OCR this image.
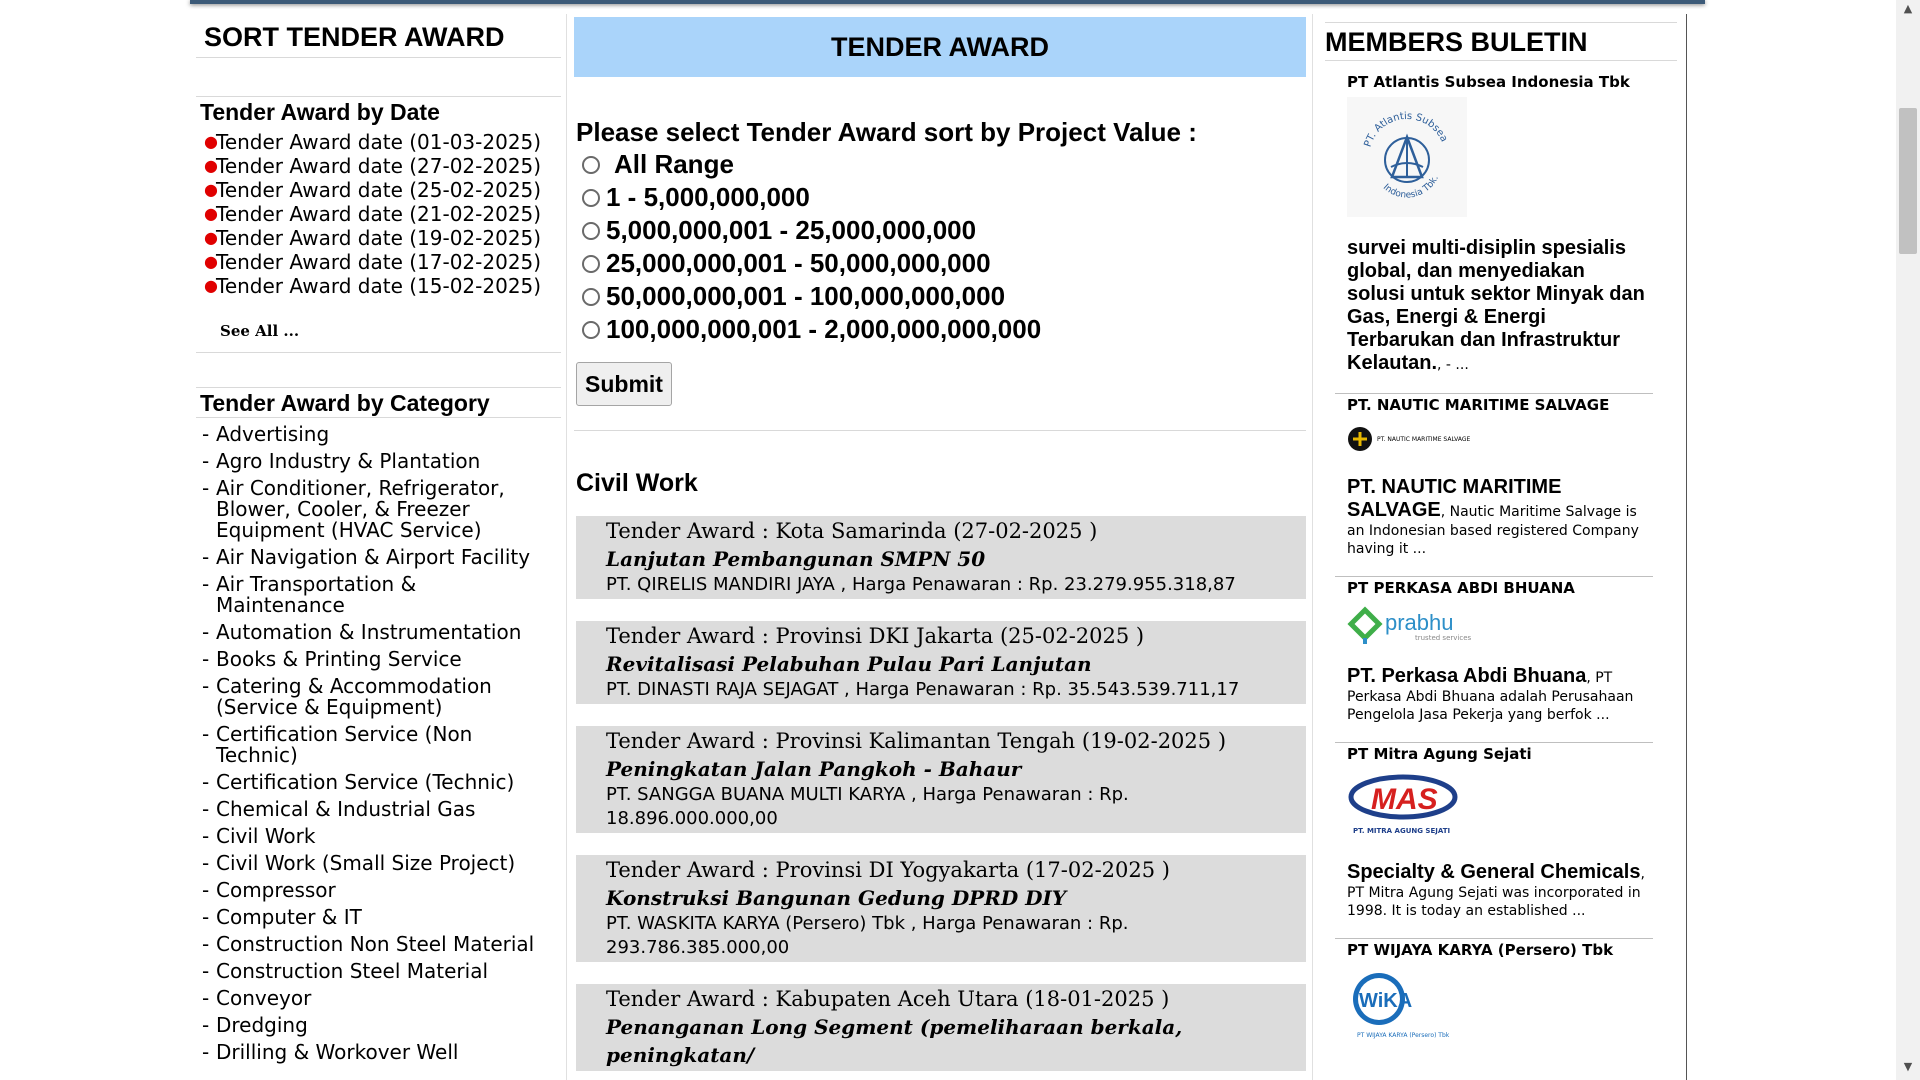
SORT TENDER AWARD
Tender Award by Date
●
Tender Award date (01-03-2025)
●
Tender Award date (27-02-2025)
●
Tender Award date (25-02-2025)
●
Tender Award date (21-02-2025)
●
Tender Award date (19-02-2025)
●
Tender Award date (17-02-2025)
●
Tender Award date (15-02-2025)
See All ...
Tender Award by Category
- Advertising
- Agro Industry & Plantation
- Air Conditioner, Refrigerator, Blower, Cooler, & Freezer Equipment (HVAC Service)
- Air Navigation & Airport Facility
- Air Transportation & Maintenance
- Automation & Instrumentation
- Books & Printing Service
- Catering & Accommodation (Service & Equipment)
- Certification Service (Non Technic)
- Certification Service (Technic)
- Chemical & Industrial Gas
- Civil Work
- Civil Work (Small Size Project)
- Compressor
- Computer & IT
- Construction Non Steel Material
- Construction Steel Material
- Conveyor
- Dredging
- Drilling & Workover Well
TENDER AWARD
Please select Tender Award sort by Project Value :
All Range
1 - 5,000,000,000
5,000,000,001 - 25,000,000,000
25,000,000,001 - 50,000,000,000
50,000,000,001 - 100,000,000,000
100,000,000,001 - 2,000,000,000,000
Submit
Civil Work
Tender Award : Kota Samarinda (27-02-2025 )
Lanjutan Pembangunan SMPN 50
PT. QIRELIS MANDIRI JAYA , Harga Penawaran : Rp. 23.279.955.318,87
Tender Award : Provinsi DKI Jakarta (25-02-2025 )
Revitalisasi Pelabuhan Pulau Pari Lanjutan
PT. DINASTI RAJA SEJAGAT , Harga Penawaran : Rp. 35.543.539.711,17
Tender Award : Provinsi Kalimantan Tengah (19-02-2025 )
Peningkatan Jalan Pangkoh - Bahaur
PT. SANGGA BUANA MULTI KARYA , Harga Penawaran : Rp. 18.896.000.000,00
Tender Award : Provinsi DI Yogyakarta (17-02-2025 )
Konstruksi Bangunan Gedung DPRD DIY
PT. WASKITA KARYA (Persero) Tbk , Harga Penawaran : Rp. 293.786.385.000,00
Tender Award : Kabupaten Aceh Utara (18-01-2025 )
Penanganan Long Segment (pemeliharaan berkala, peningkatan/
MEMBERS BULETIN
PT Atlantis Subsea Indonesia Tbk
PT. Atlantis Subsea
Indonesia Tbk.
survei multi-disiplin spesialis global, dan menyediakan solusi untuk sektor Minyak dan Gas, Energi & Energi Terbarukan dan Infrastruktur Kelautan., - ...
PT. NAUTIC MARITIME SALVAGE
PT. NAUTIC MARITIME SALVAGE
PT. NAUTIC MARITIME SALVAGE, Nautic Maritime Salvage is an Indonesian based registered Company having it ...
PT PERKASA ABDI BHUANA
prabhu
trusted services
PT. Perkasa Abdi Bhuana, PT Perkasa Abdi Bhuana adalah Perusahaan Pengelola Jasa Pekerja yang berfok ...
PT Mitra Agung Sejati
MAS
PT. MITRA AGUNG SEJATI
Specialty & General Chemicals, PT Mitra Agung Sejati was incorporated in 1998. It is today an established ...
PT WIJAYA KARYA (Persero) Tbk
WiKA
PT WIJAYA KARYA (Persero) Tbk
▲
▼
